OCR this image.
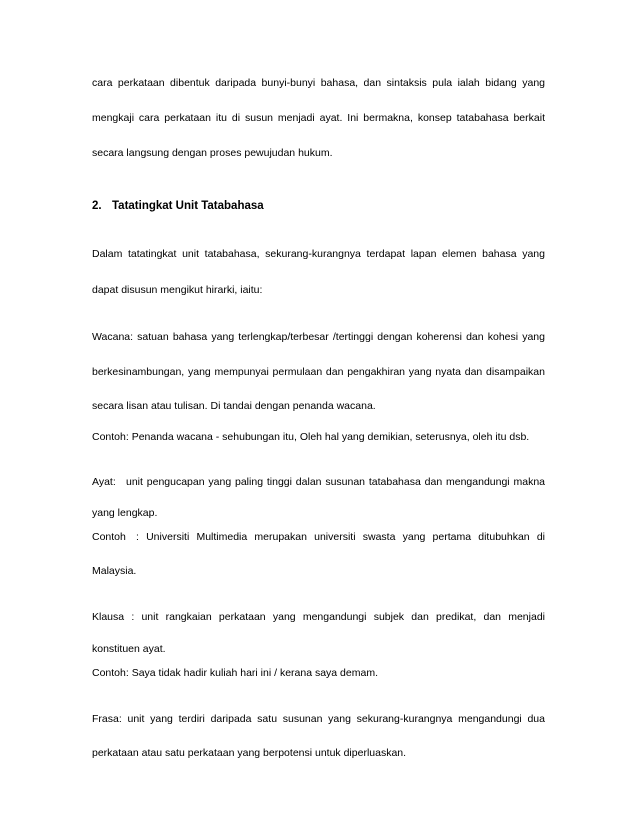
cara perkataan dibentuk daripada bunyi-bunyi bahasa, dan sintaksis pula ialah bidang yang
mengkaji cara perkataan itu di susun menjadi ayat. Ini bermakna, konsep tatabahasa berkait
secara langsung dengan proses pewujudan hukum.
2. Tatatingkat Unit Tatabahasa
Dalam tatatingkat unit tatabahasa, sekurang-kurangnya terdapat lapan elemen bahasa yang
dapat disusun mengikut hirarki, iaitu:
Wacana: satuan bahasa yang terlengkap/terbesar /tertinggi dengan koherensi dan kohesi yang
berkesinambungan, yang mempunyai permulaan dan pengakhiran yang nyata dan disampaikan
secara lisan atau tulisan. Di tandai dengan penanda wacana.
Contoh: Penanda wacana - sehubungan itu, Oleh hal yang demikian, seterusnya, oleh itu dsb.
Ayat: unit pengucapan yang paling tinggi dalan susunan tatabahasa dan mengandungi makna
yang lengkap.
Contoh : Universiti Multimedia merupakan universiti swasta yang pertama ditubuhkan di
Malaysia.
Klausa : unit rangkaian perkataan yang mengandungi subjek dan predikat, dan menjadi
konstituen ayat.
Contoh: Saya tidak hadir kuliah hari ini / kerana saya demam.
Frasa: unit yang terdiri daripada satu susunan yang sekurang-kurangnya mengandungi dua
perkataan atau satu perkataan yang berpotensi untuk diperluaskan.
